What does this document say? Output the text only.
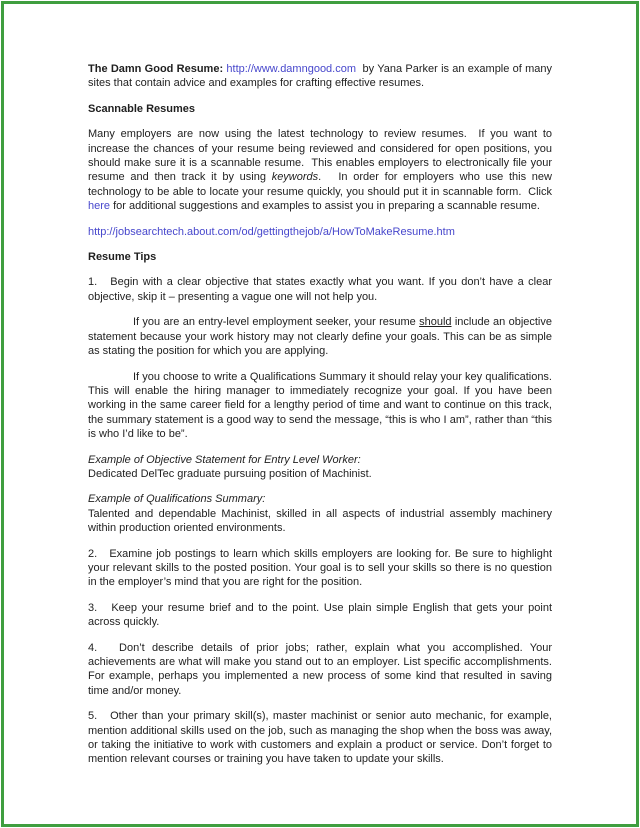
The Damn Good Resume: http://www.damngood.com  by Yana Parker is an example of many sites that contain advice and examples for crafting effective resumes.

Scannable Resumes

Many employers are now using the latest technology to review resumes.  If you want to increase the chances of your resume being reviewed and considered for open positions, you should make sure it is a scannable resume.  This enables employers to electronically file your resume and then track it by using keywords.   In order for employers who use this new technology to be able to locate your resume quickly, you should put it in scannable form.  Click here for additional suggestions and examples to assist you in preparing a scannable resume.

http://jobsearchtech.about.com/od/gettingthejob/a/HowToMakeResume.htm

Resume Tips

1.   Begin with a clear objective that states exactly what you want. If you don’t have a clear objective, skip it – presenting a vague one will not help you.

If you are an entry-level employment seeker, your resume should include an objective statement because your work history may not clearly define your goals. This can be as simple as stating the position for which you are applying.

If you choose to write a Qualifications Summary it should relay your key qualifications. This will enable the hiring manager to immediately recognize your goal. If you have been working in the same career field for a lengthy period of time and want to continue on this track, the summary statement is a good way to send the message, “this is who I am”, rather than “this is who I’d like to be”.

Example of Objective Statement for Entry Level Worker:
Dedicated DelTec graduate pursuing position of Machinist.

Example of Qualifications Summary:
Talented and dependable Machinist, skilled in all aspects of industrial assembly machinery within production oriented environments.

2.   Examine job postings to learn which skills employers are looking for. Be sure to highlight your relevant skills to the posted position. Your goal is to sell your skills so there is no question in the employer’s mind that you are right for the position.

3.   Keep your resume brief and to the point. Use plain simple English that gets your point across quickly.

4.   Don’t describe details of prior jobs; rather, explain what you accomplished. Your achievements are what will make you stand out to an employer. List specific accomplishments. For example, perhaps you implemented a new process of some kind that resulted in saving time and/or money.

5.   Other than your primary skill(s), master machinist or senior auto mechanic, for example, mention additional skills used on the job, such as managing the shop when the boss was away, or taking the initiative to work with customers and explain a product or service. Don’t forget to mention relevant courses or training you have taken to update your skills.
